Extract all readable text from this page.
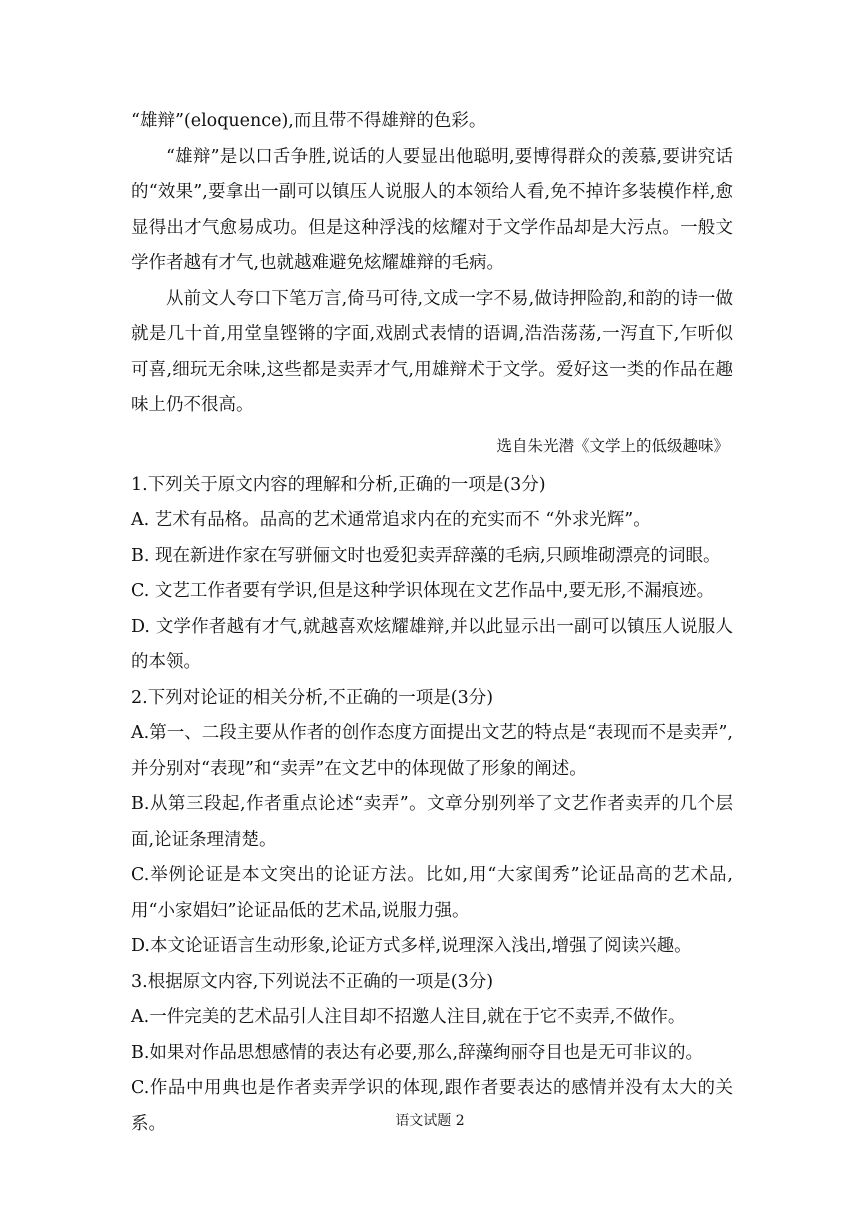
“雄辩”(eloquence),而且带不得雄辩的色彩。

“雄辩”是以口舌争胜,说话的人要显出他聪明,要博得群众的羡慕,要讲究话的“效果”,要拿出一副可以镇压人说服人的本领给人看,免不掉许多装模作样,愈显得出才气愈易成功。但是这种浮浅的炫耀对于文学作品却是大污点。一般文学作者越有才气,也就越难避免炫耀雄辩的毛病。

从前文人夸口下笔万言,倚马可待,文成一字不易,做诗押险韵,和韵的诗一做就是几十首,用堂皇铿锵的字面,戏剧式表情的语调,浩浩荡荡,一泻直下,乍听似可喜,细玩无余味,这些都是卖弄才气,用雄辩术于文学。爱好这一类的作品在趣味上仍不很高。

选自朱光潜《文学上的低级趣味》

1.下列关于原文内容的理解和分析,正确的一项是(3分)

A. 艺术有品格。品高的艺术通常追求内在的充实而不 “外求光辉”。

B. 现在新进作家在写骈俪文时也爱犯卖弄辞藻的毛病,只顾堆砌漂亮的词眼。

C. 文艺工作者要有学识,但是这种学识体现在文艺作品中,要无形,不漏痕迹。

D. 文学作者越有才气,就越喜欢炫耀雄辩,并以此显示出一副可以镇压人说服人的本领。

2.下列对论证的相关分析,不正确的一项是(3分)

A.第一、二段主要从作者的创作态度方面提出文艺的特点是“表现而不是卖弄”,并分别对“表现”和“卖弄”在文艺中的体现做了形象的阐述。

B.从第三段起,作者重点论述“卖弄”。文章分别列举了文艺作者卖弄的几个层面,论证条理清楚。

C.举例论证是本文突出的论证方法。比如,用“大家闺秀”论证品高的艺术品,用“小家娼妇”论证品低的艺术品,说服力强。

D.本文论证语言生动形象,论证方式多样,说理深入浅出,增强了阅读兴趣。

3.根据原文内容,下列说法不正确的一项是(3分)

A.一件完美的艺术品引人注目却不招邀人注目,就在于它不卖弄,不做作。

B.如果对作品思想感情的表达有必要,那么,辞藻绚丽夺目也是无可非议的。

C.作品中用典也是作者卖弄学识的体现,跟作者要表达的感情并没有太大的关系。	语文试题 2
